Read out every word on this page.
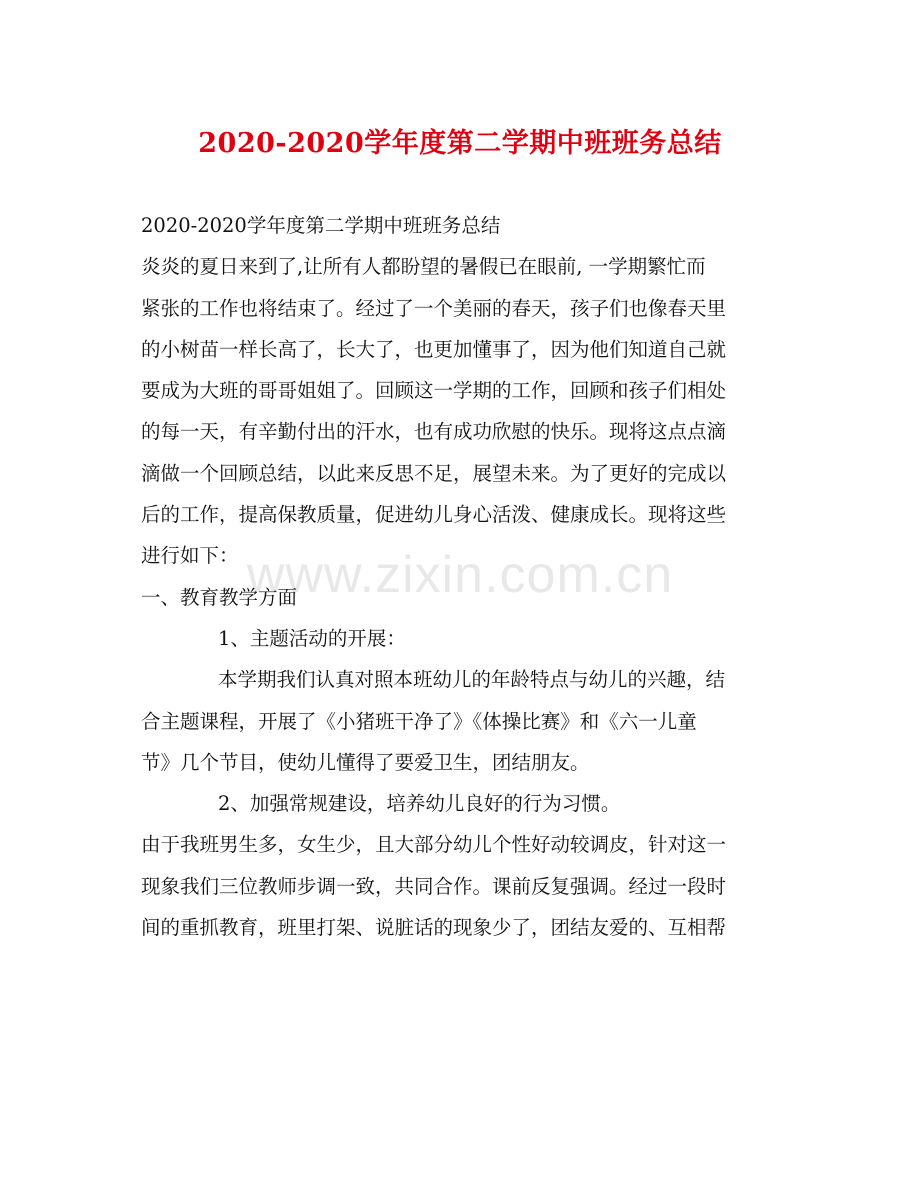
2020-2020学年度第二学期中班班务总结
2020-2020学年度第二学期中班班务总结
炎炎的夏日来到了,让所有人都盼望的暑假已在眼前, 一学期繁忙而
紧张的工作也将结束了。经过了一个美丽的春天，孩子们也像春天里
的小树苗一样长高了，长大了，也更加懂事了，因为他们知道自己就
要成为大班的哥哥姐姐了。回顾这一学期的工作，回顾和孩子们相处
的每一天，有辛勤付出的汗水，也有成功欣慰的快乐。现将这点点滴
滴做一个回顾总结，以此来反思不足，展望未来。为了更好的完成以
后的工作，提高保教质量，促进幼儿身心活泼、健康成长。现将这些
进行如下：
一、教育教学方面
1、主题活动的开展：
本学期我们认真对照本班幼儿的年龄特点与幼儿的兴趣，结
合主题课程，开展了《小猪班干净了》《体操比赛》和《六一儿童
节》几个节目，使幼儿懂得了要爱卫生，团结朋友。
2、加强常规建设，培养幼儿良好的行为习惯。
由于我班男生多，女生少，且大部分幼儿个性好动较调皮，针对这一
现象我们三位教师步调一致，共同合作。课前反复强调。经过一段时
间的重抓教育，班里打架、说脏话的现象少了，团结友爱的、互相帮
www.zixin.com.cn
